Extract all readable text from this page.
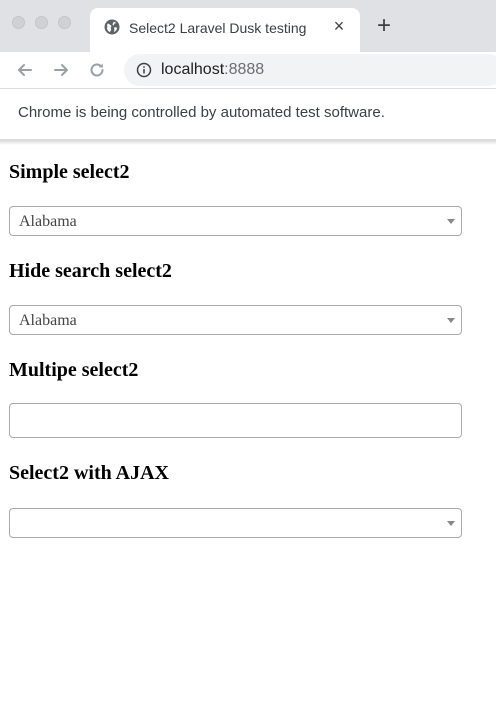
Select2 Laravel Dusk testing × +
localhost:8888
Chrome is being controlled by automated test software.
Simple select2
Alabama
Hide search select2
Alabama
Multipe select2
Select2 with AJAX
